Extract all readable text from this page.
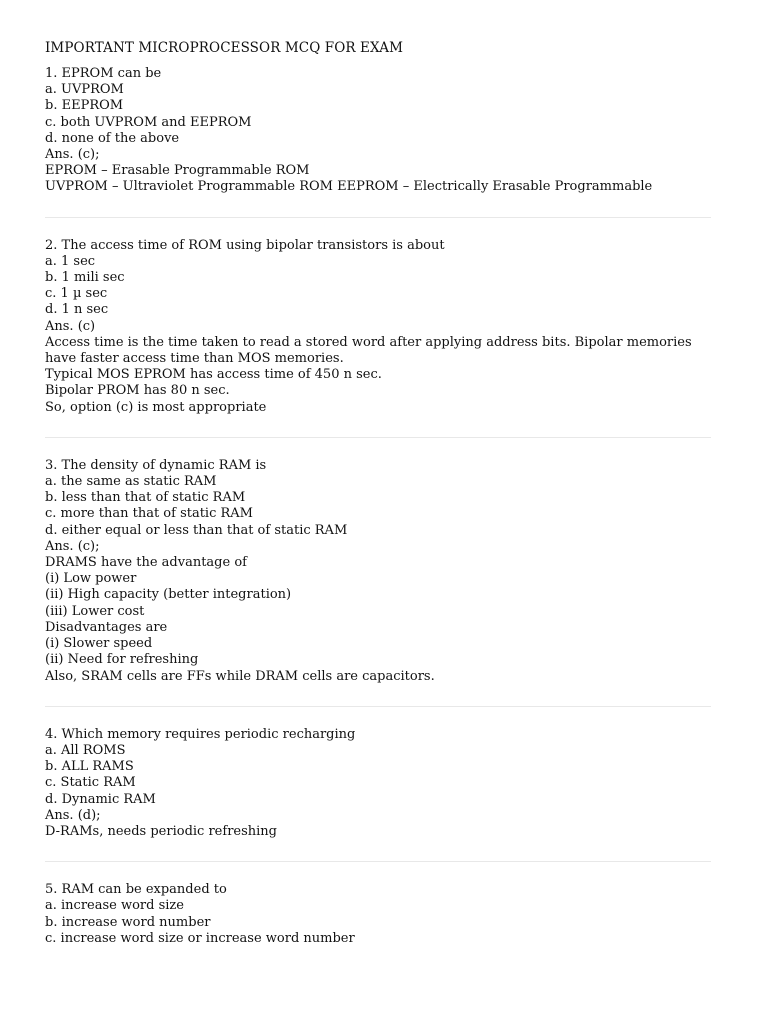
IMPORTANT MICROPROCESSOR MCQ FOR EXAM
1. EPROM can be
a. UVPROM
b. EEPROM
c. both UVPROM and EEPROM
d. none of the above
Ans. (c);
EPROM – Erasable Programmable ROM
UVPROM – Ultraviolet Programmable ROM EEPROM – Electrically Erasable Programmable
2. The access time of ROM using bipolar transistors is about
a. 1 sec
b. 1 mili sec
c. 1 µ sec
d. 1 n sec
Ans. (c)
Access time is the time taken to read a stored word after applying address bits. Bipolar memories have faster access time than MOS memories.
Typical MOS EPROM has access time of 450 n sec.
Bipolar PROM has 80 n sec.
So, option (c) is most appropriate
3. The density of dynamic RAM is
a. the same as static RAM
b. less than that of static RAM
c. more than that of static RAM
d. either equal or less than that of static RAM
Ans. (c);
DRAMS have the advantage of
(i) Low power
(ii) High capacity (better integration)
(iii) Lower cost
Disadvantages are
(i) Slower speed
(ii) Need for refreshing
Also, SRAM cells are FFs while DRAM cells are capacitors.
4. Which memory requires periodic recharging
a. All ROMS
b. ALL RAMS
c. Static RAM
d. Dynamic RAM
Ans. (d);
D-RAMs, needs periodic refreshing
5. RAM can be expanded to
a. increase word size
b. increase word number
c. increase word size or increase word number
